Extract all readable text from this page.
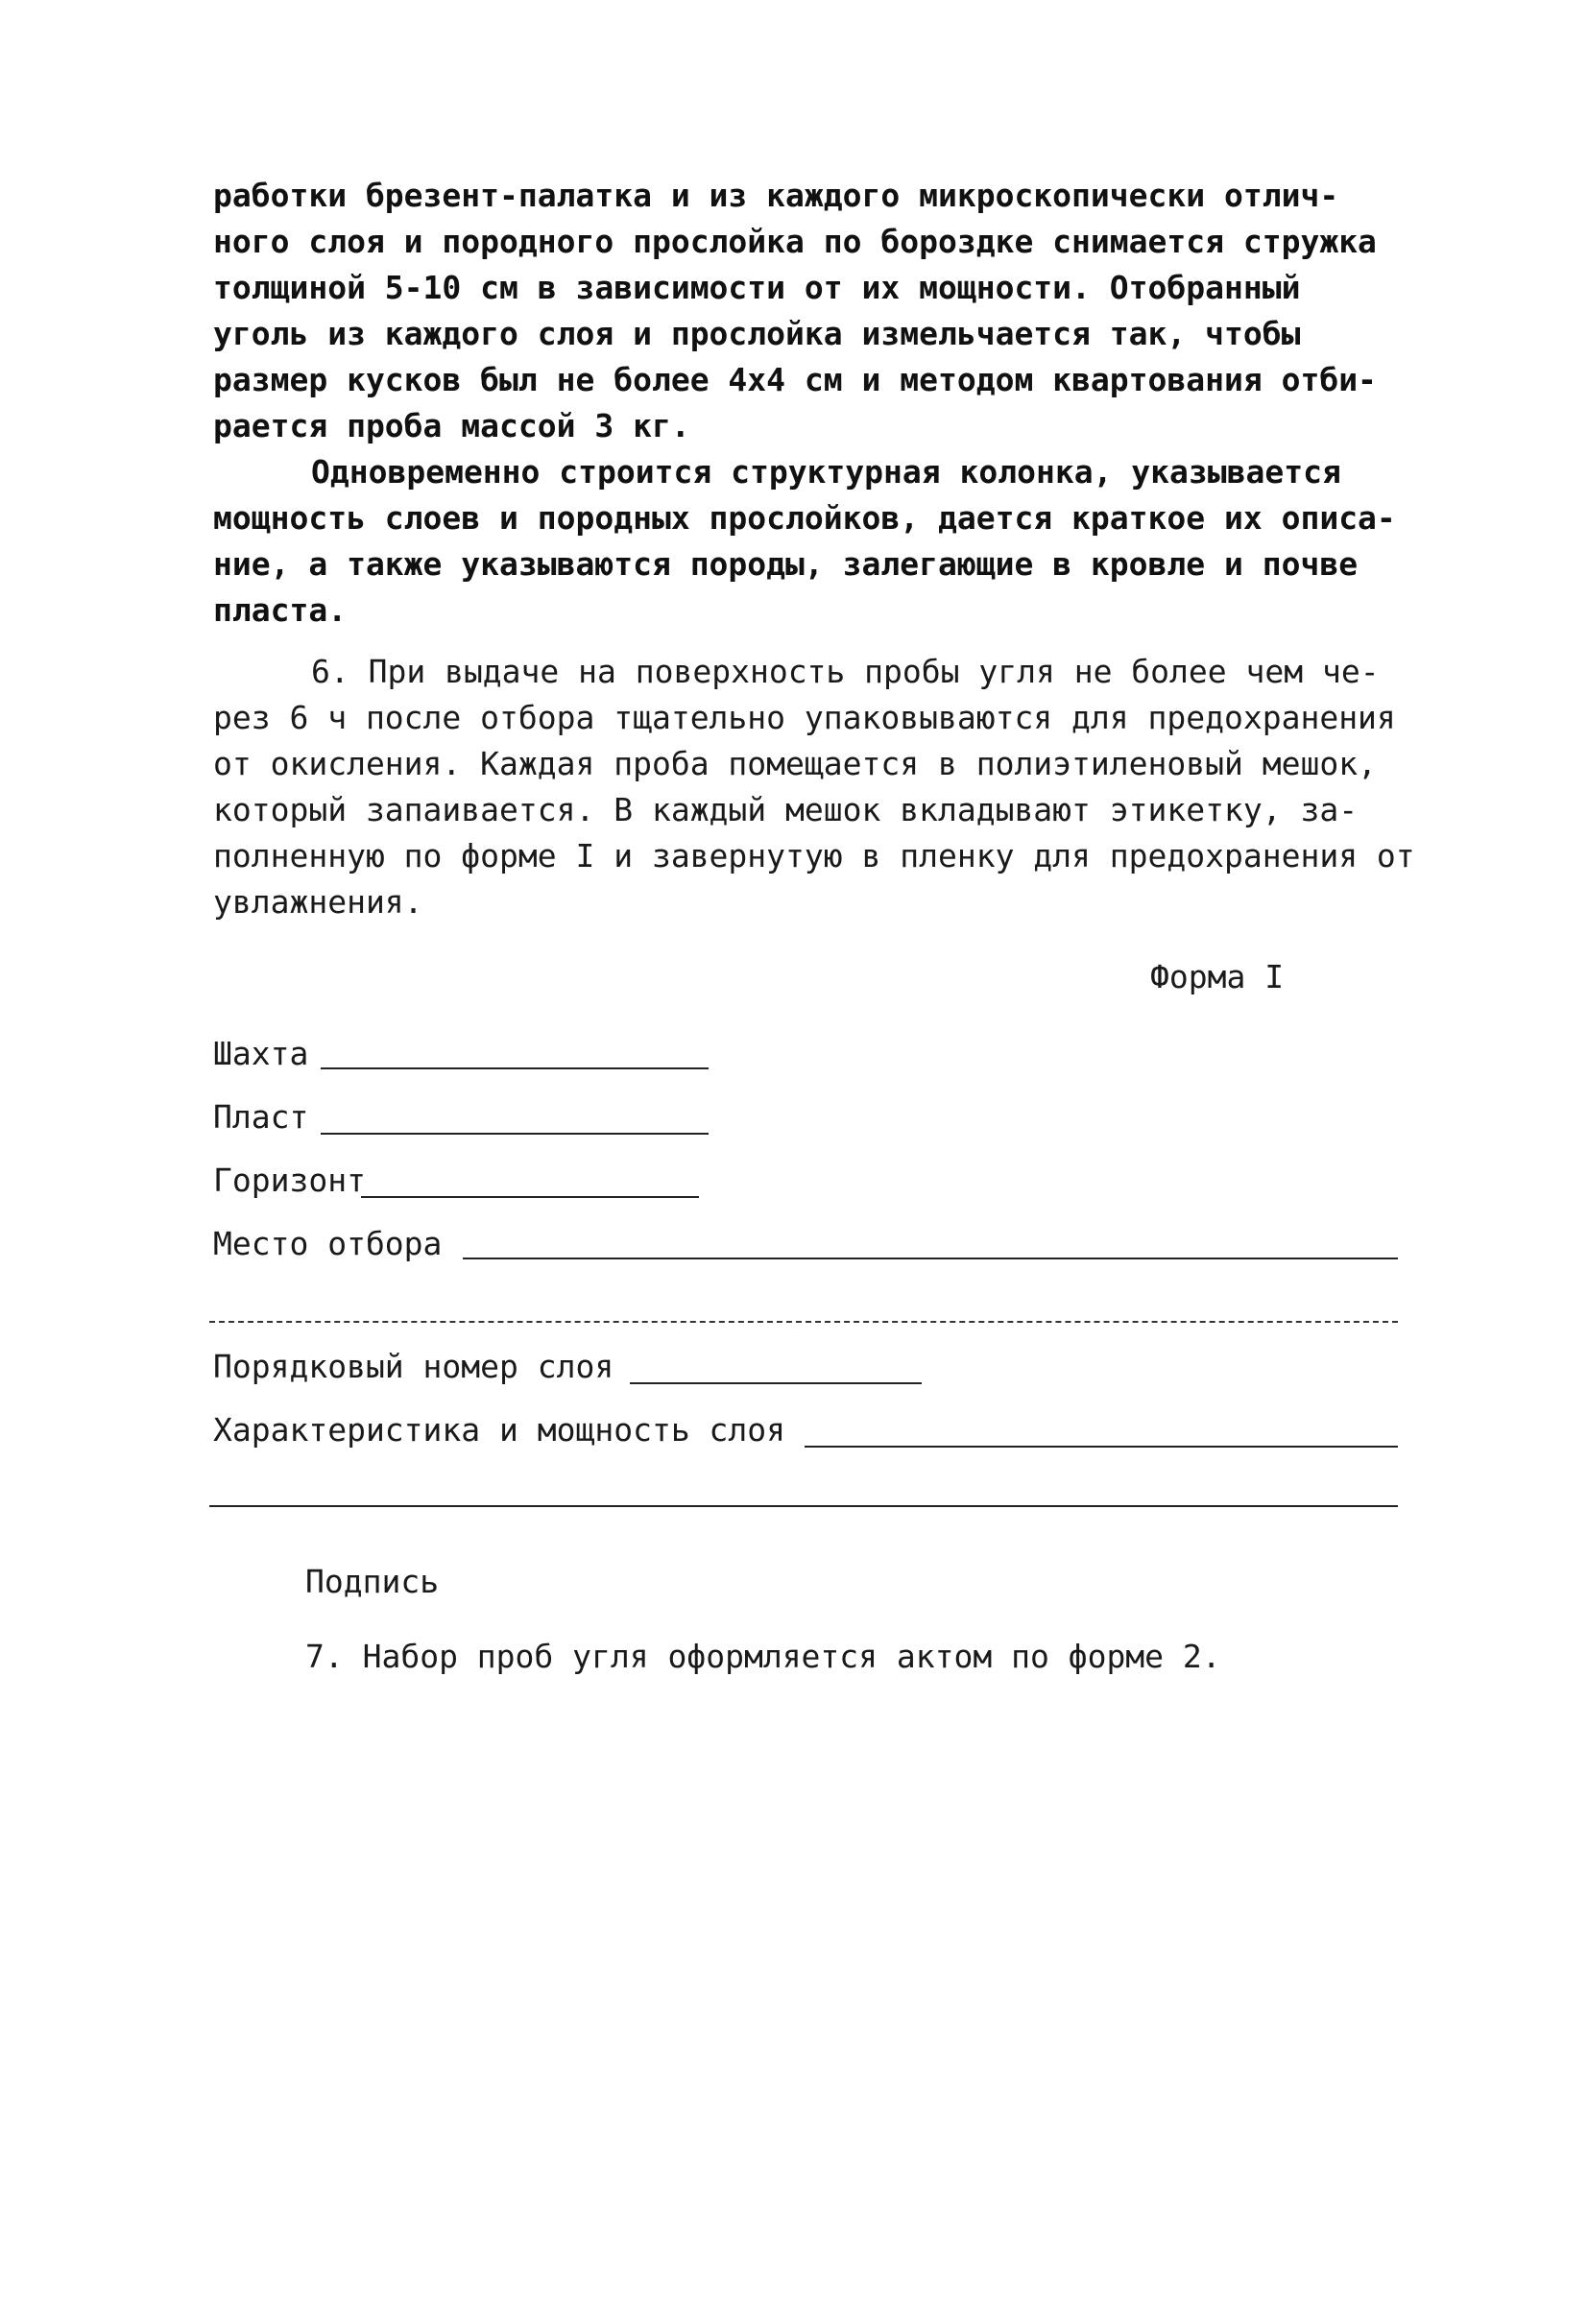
работки брезент-палатка и из каждого микроскопически отлич-
ного слоя и породного прослойка по бороздке снимается стружка
толщиной 5-10 см в зависимости от их мощности. Отобранный
уголь из каждого слоя и прослойка измельчается так, чтобы
размер кусков был не более 4х4 см и методом квартования отби-
рается проба массой 3 кг.
Одновременно строится структурная колонка, указывается
мощность слоев и породных прослойков, дается краткое их описа-
ние, а также указываются породы, залегающие в кровле и почве
пласта.
6. При выдаче на поверхность пробы угля не более чем че-
рез 6 ч после отбора тщательно упаковываются для предохранения
от окисления. Каждая проба помещается в полиэтиленовый мешок,
который запаивается. В каждый мешок вкладывают этикетку, за-
полненную по форме I и завернутую в пленку для предохранения от
увлажнения.
Форма I
Шахта
Пласт
Горизонт
Место отбора
Порядковый номер слоя
Характеристика и мощность слоя
Подпись
7. Набор проб угля оформляется актом по форме 2.
